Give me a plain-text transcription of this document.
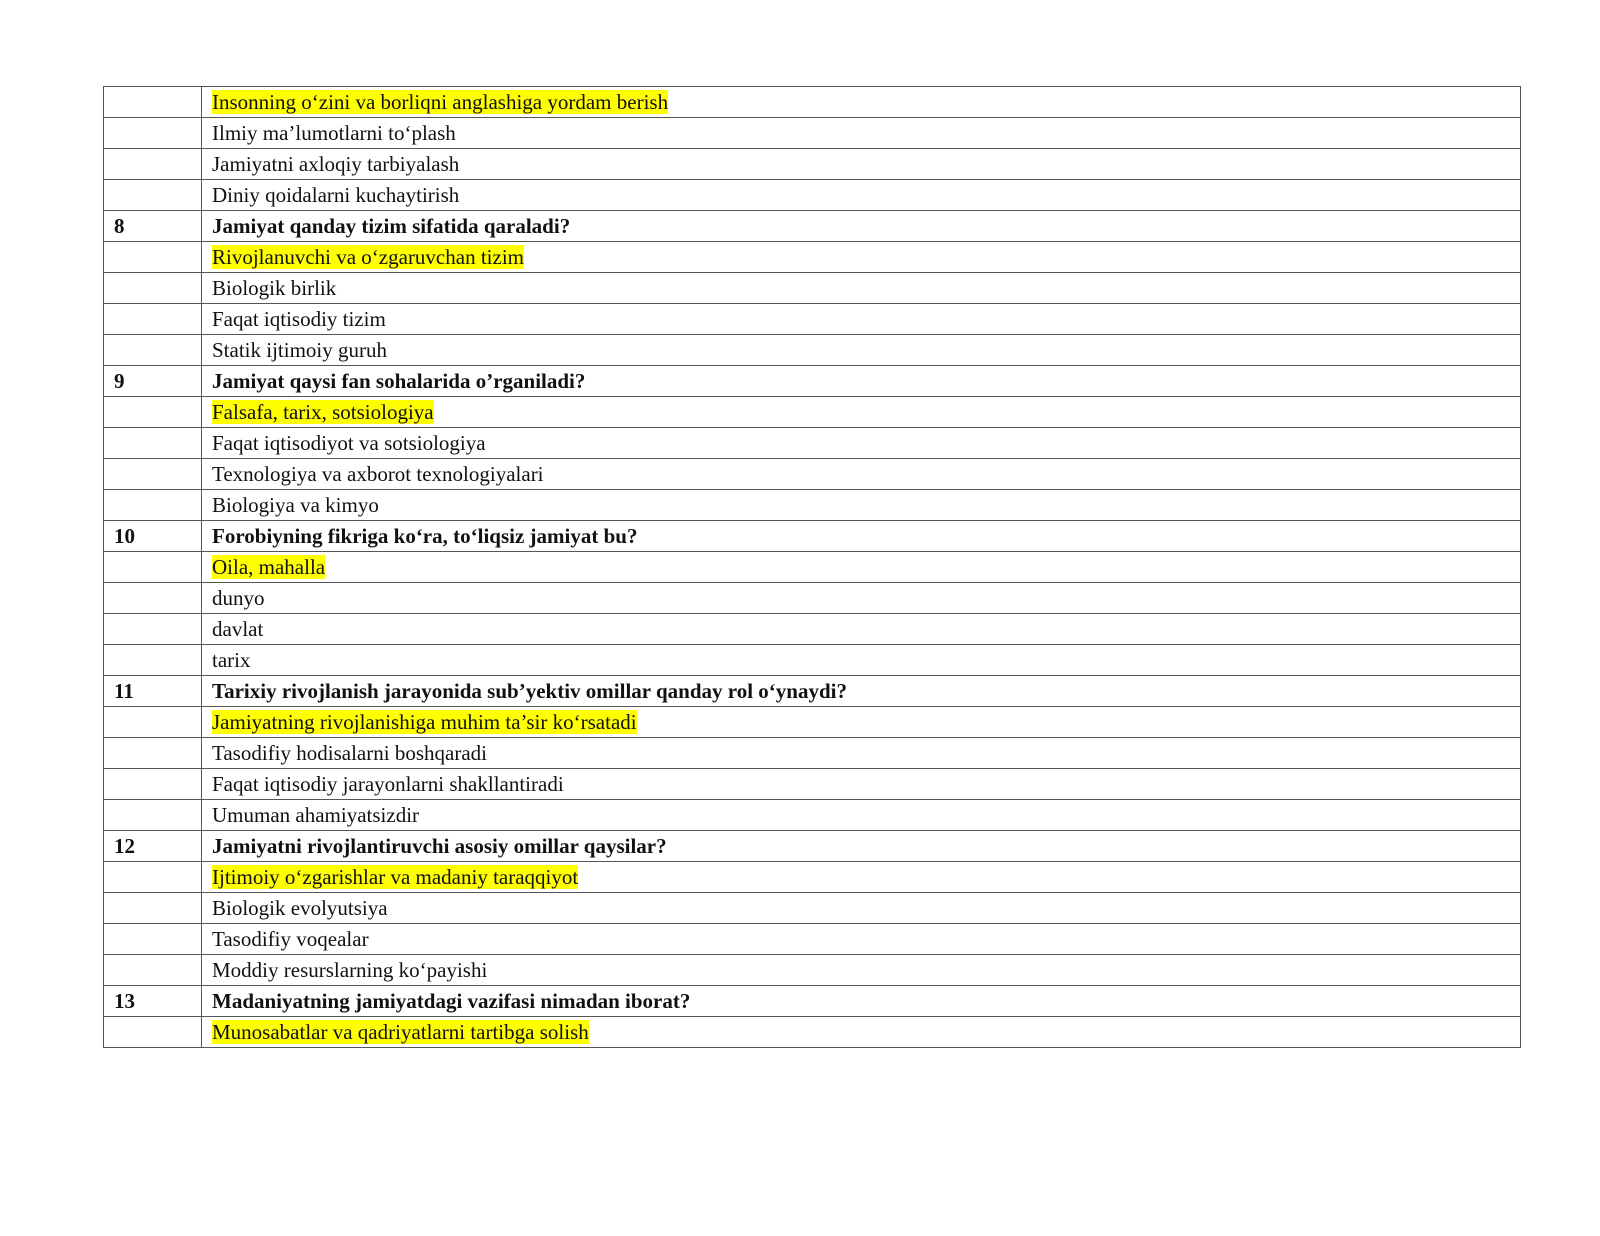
	Insonning o‘zini va borliqni anglashiga yordam berish
	Ilmiy ma’lumotlarni to‘plash
	Jamiyatni axloqiy tarbiyalash
	Diniy qoidalarni kuchaytirish
8	Jamiyat qanday tizim sifatida qaraladi?
	Rivojlanuvchi va o‘zgaruvchan tizim
	Biologik birlik
	Faqat iqtisodiy tizim
	Statik ijtimoiy guruh
9	Jamiyat qaysi fan sohalarida o’rganiladi?
	Falsafa, tarix, sotsiologiya
	Faqat iqtisodiyot va sotsiologiya
	Texnologiya va axborot texnologiyalari
	Biologiya va kimyo
10	Forobiyning fikriga ko‘ra, to‘liqsiz jamiyat bu?
	Oila, mahalla
	dunyo
	davlat
	tarix
11	Tarixiy rivojlanish jarayonida sub’yektiv omillar qanday rol o‘ynaydi?
	Jamiyatning rivojlanishiga muhim ta’sir ko‘rsatadi
	Tasodifiy hodisalarni boshqaradi
	Faqat iqtisodiy jarayonlarni shakllantiradi
	Umuman ahamiyatsizdir
12	Jamiyatni rivojlantiruvchi asosiy omillar qaysilar?
	Ijtimoiy o‘zgarishlar va madaniy taraqqiyot
	Biologik evolyutsiya
	Tasodifiy voqealar
	Moddiy resurslarning ko‘payishi
13	Madaniyatning jamiyatdagi vazifasi nimadan iborat?
	Munosabatlar va qadriyatlarni tartibga solish
